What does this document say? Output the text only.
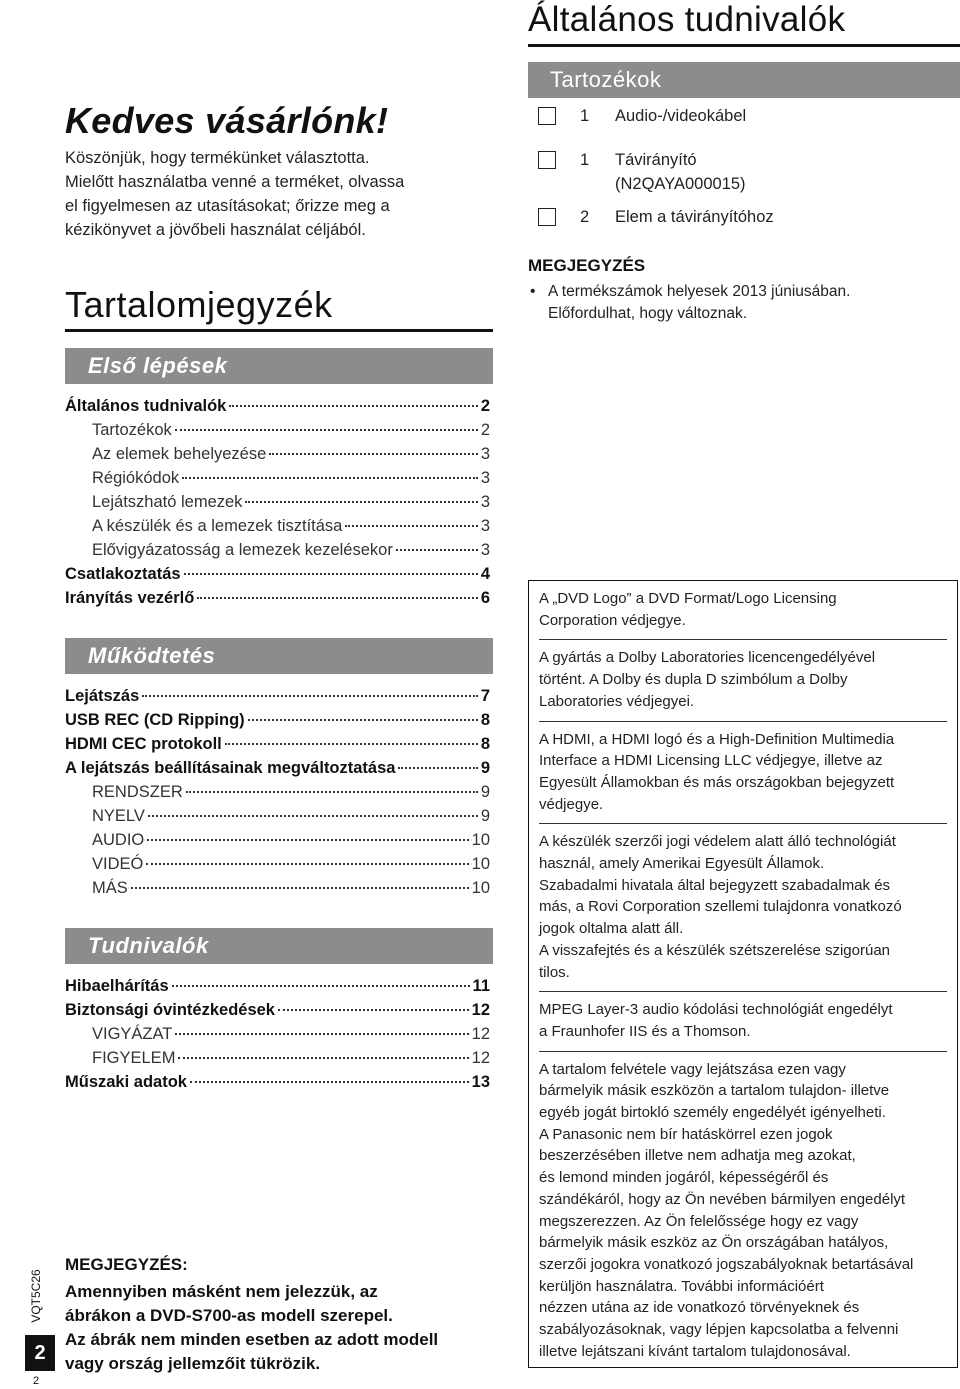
Kedves vásárlónk!
Köszönjük, hogy termékünket választotta.
Mielőtt használatba venné a terméket, olvassa
el figyelmesen az utasításokat; őrizze meg a
kézikönyvet a jövőbeli használat céljából.
Tartalomjegyzék
Első lépések
Általános tudnivalók	2
Tartozékok	2
Az elemek behelyezése	3
Régiókódok	3
Lejátszható lemezek	3
A készülék és a lemezek tisztítása	3
Elővigyázatosság a lemezek kezelésekor	3
Csatlakoztatás	4
Irányítás vezérlő	6
Működtetés
Lejátszás	7
USB REC (CD Ripping)	8
HDMI CEC protokoll	8
A lejátszás beállításainak megváltoztatása	9
RENDSZER	9
NYELV	9
AUDIO	10
VIDEÓ	10
MÁS	10
Tudnivalók
Hibaelhárítás	11
Biztonsági óvintézkedések	12
VIGYÁZAT	12
FIGYELEM	12
Műszaki adatok	13
MEGJEGYZÉS:
Amennyiben másként nem jelezzük, az
ábrákon a DVD-S700-as modell szerepel.
Az ábrák nem minden esetben az adott modell
vagy ország jellemzőit tükrözik.
VQT5C26
2
2
Általános tudnivalók
Tartozékok
1	Audio-/videokábel
1	Távirányító
(N2QAYA000015)
2	Elem a távirányítóhoz
MEGJEGYZÉS
• A termékszámok helyesek 2013 júniusában.
Előfordulhat, hogy változnak.
A „DVD Logo” a DVD Format/Logo Licensing
Corporation védjegye.
A gyártás a Dolby Laboratories licencengedélyével
történt. A Dolby és dupla D szimbólum a Dolby
Laboratories védjegyei.
A HDMI, a HDMI logó és a High-Definition Multimedia
Interface a HDMI Licensing LLC védjegye, illetve az
Egyesült Államokban és más országokban bejegyzett
védjegye.
A készülék szerzői jogi védelem alatt álló technológiát
használ, amely Amerikai Egyesült Államok.
Szabadalmi hivatala által bejegyzett szabadalmak és
más, a Rovi Corporation szellemi tulajdonra vonatkozó
jogok oltalma alatt áll.
A visszafejtés és a készülék szétszerelése szigorúan
tilos.
MPEG Layer-3 audio kódolási technológiát engedélyt
a Fraunhofer IIS és a Thomson.
A tartalom felvétele vagy lejátszása ezen vagy
bármelyik másik eszközön a tartalom tulajdon- illetve
egyéb jogát birtokló személy engedélyét igényelheti.
A Panasonic nem bír hatáskörrel ezen jogok
beszerzésében illetve nem adhatja meg azokat,
és lemond minden jogáról, képességéről és
szándékáról, hogy az Ön nevében bármilyen engedélyt
megszerezzen. Az Ön felelőssége hogy ez vagy
bármelyik másik eszköz az Ön országában hatályos,
szerzői jogokra vonatkozó jogszabályoknak betartásával
kerüljön használatra. További információért
nézzen utána az ide vonatkozó törvényeknek és
szabályozásoknak, vagy lépjen kapcsolatba a felvenni
illetve lejátszani kívánt tartalom tulajdonosával.
